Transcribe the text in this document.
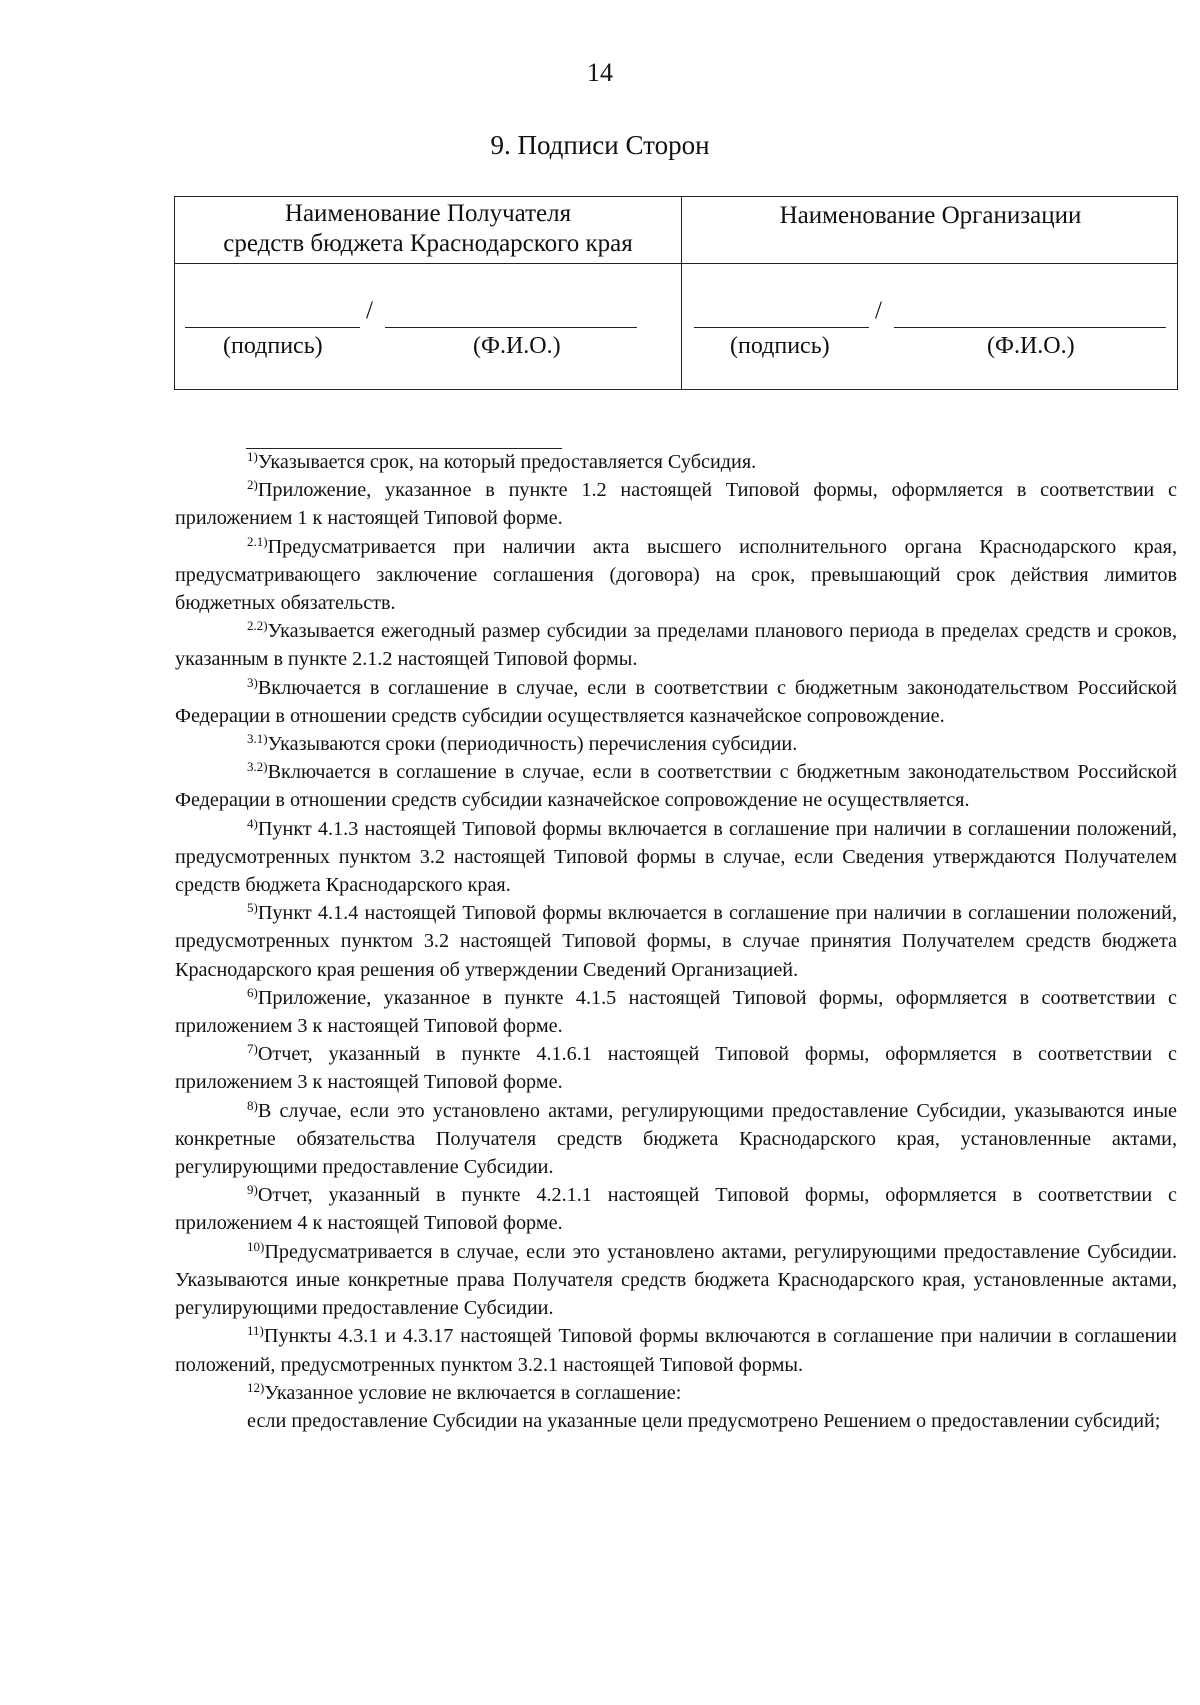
14
9. Подписи Сторон
Наименование Получателя
средств бюджета Краснодарского края
Наименование Организации
/
(подпись)	(Ф.И.О.)
/
(подпись)	(Ф.И.О.)

$^{1)}$Указывается срок, на который предоставляется Субсидия.

$^{2)}$Приложение, указанное в пункте 1.2 настоящей Типовой формы, оформляется в соответствии с приложением 1 к настоящей Типовой форме.

$^{2.1)}$Предусматривается при наличии акта высшего исполнительного органа Краснодарского края, предусматривающего заключение соглашения (договора) на срок, превышающий срок действия лимитов бюджетных обязательств.

$^{2.2)}$Указывается ежегодный размер субсидии за пределами планового периода в пределах средств и сроков, указанным в пункте 2.1.2 настоящей Типовой формы.

$^{3)}$Включается в соглашение в случае, если в соответствии с бюджетным законодательством Российской Федерации в отношении средств субсидии осуществляется казначейское сопровождение.

$^{3.1)}$Указываются сроки (периодичность) перечисления субсидии.

$^{3.2)}$Включается в соглашение в случае, если в соответствии с бюджетным законодательством Российской Федерации в отношении средств субсидии казначейское сопровождение не осуществляется.

$^{4)}$Пункт 4.1.3 настоящей Типовой формы включается в соглашение при наличии в соглашении положений, предусмотренных пунктом 3.2 настоящей Типовой формы в случае, если Сведения утверждаются Получателем средств бюджета Краснодарского края.

$^{5)}$Пункт 4.1.4 настоящей Типовой формы включается в соглашение при наличии в соглашении положений, предусмотренных пунктом 3.2 настоящей Типовой формы, в случае принятия Получателем средств бюджета Краснодарского края решения об утверждении Сведений Организацией.

$^{6)}$Приложение, указанное в пункте 4.1.5 настоящей Типовой формы, оформляется в соответствии с приложением 3 к настоящей Типовой форме.

$^{7)}$Отчет, указанный в пункте 4.1.6.1 настоящей Типовой формы, оформляется в соответствии с приложением 3 к настоящей Типовой форме.

$^{8)}$В случае, если это установлено актами, регулирующими предоставление Субсидии, указываются иные конкретные обязательства Получателя средств бюджета Краснодарского края, установленные актами, регулирующими предоставление Субсидии.

$^{9)}$Отчет, указанный в пункте 4.2.1.1 настоящей Типовой формы, оформляется в соответствии с приложением 4 к настоящей Типовой форме.

$^{10)}$Предусматривается в случае, если это установлено актами, регулирующими предоставление Субсидии. Указываются иные конкретные права Получателя средств бюджета Краснодарского края, установленные актами, регулирующими предоставление Субсидии.

$^{11)}$Пункты 4.3.1 и 4.3.17 настоящей Типовой формы включаются в соглашение при наличии в соглашении положений, предусмотренных пунктом 3.2.1 настоящей Типовой формы.

$^{12)}$Указанное условие не включается в соглашение:

если предоставление Субсидии на указанные цели предусмотрено Решением о предоставлении субсидий;
